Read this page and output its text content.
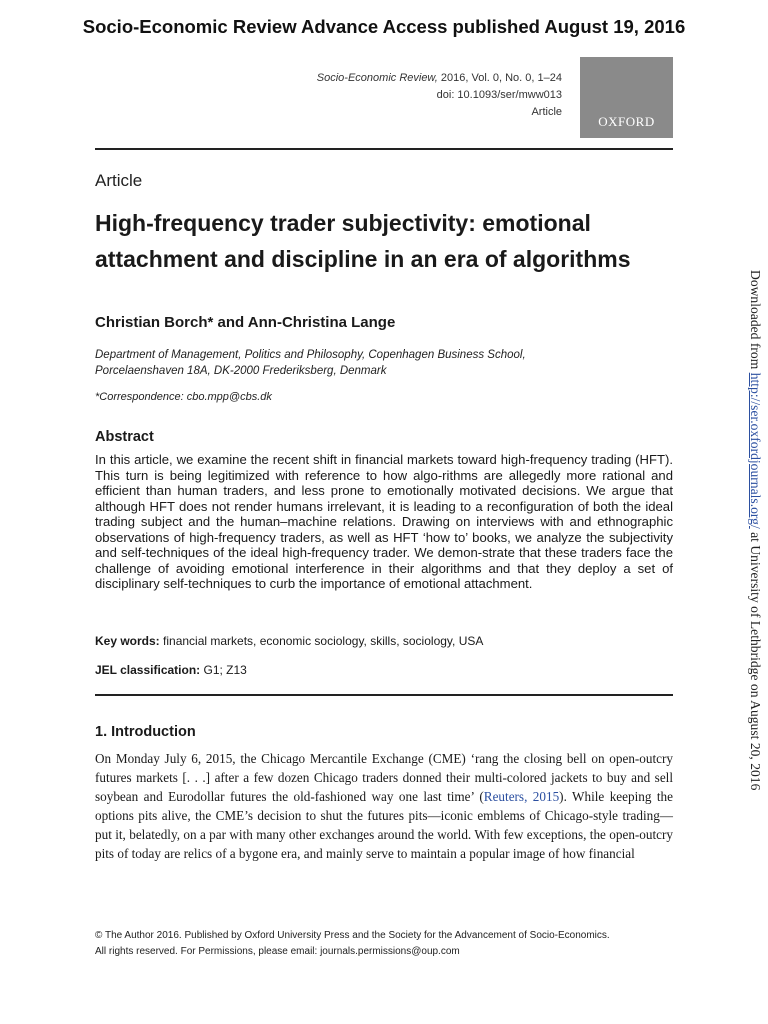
Socio-Economic Review Advance Access published August 19, 2016
Socio-Economic Review, 2016, Vol. 0, No. 0, 1–24
doi: 10.1093/ser/mww013
Article
OXFORD
Article
High-frequency trader subjectivity: emotional attachment and discipline in an era of algorithms
Christian Borch* and Ann-Christina Lange
Department of Management, Politics and Philosophy, Copenhagen Business School,
Porcelaenshaven 18A, DK-2000 Frederiksberg, Denmark
*Correspondence: cbo.mpp@cbs.dk
Abstract

In this article, we examine the recent shift in financial markets toward high-frequency trading (HFT). This turn is being legitimized with reference to how algo-rithms are allegedly more rational and efficient than human traders, and less prone to emotionally motivated decisions. We argue that although HFT does not render humans irrelevant, it is leading to a reconfiguration of both the ideal trading subject and the human–machine relations. Drawing on interviews with and ethnographic observations of high-frequency traders, as well as HFT ‘how to’ books, we analyze the subjectivity and self-techniques of the ideal high-frequency trader. We demon-strate that these traders face the challenge of avoiding emotional interference in their algorithms and that they deploy a set of disciplinary self-techniques to curb the importance of emotional attachment.

Key words: financial markets, economic sociology, skills, sociology, USA
JEL classification: G1; Z13
1. Introduction

On Monday July 6, 2015, the Chicago Mercantile Exchange (CME) ‘rang the closing bell on open-outcry futures markets [. . .] after a few dozen Chicago traders donned their multi-colored jackets to buy and sell soybean and Eurodollar futures the old-fashioned way one last time’ (Reuters, 2015). While keeping the options pits alive, the CME’s decision to shut the futures pits—iconic emblems of Chicago-style trading—put it, belatedly, on a par with many other exchanges around the world. With few exceptions, the open-outcry pits of today are relics of a bygone era, and mainly serve to maintain a popular image of how financial

© The Author 2016. Published by Oxford University Press and the Society for the Advancement of Socio-Economics.
All rights reserved. For Permissions, please email: journals.permissions@oup.com
Downloaded from http://ser.oxfordjournals.org/ at University of Lethbridge on August 20, 2016
